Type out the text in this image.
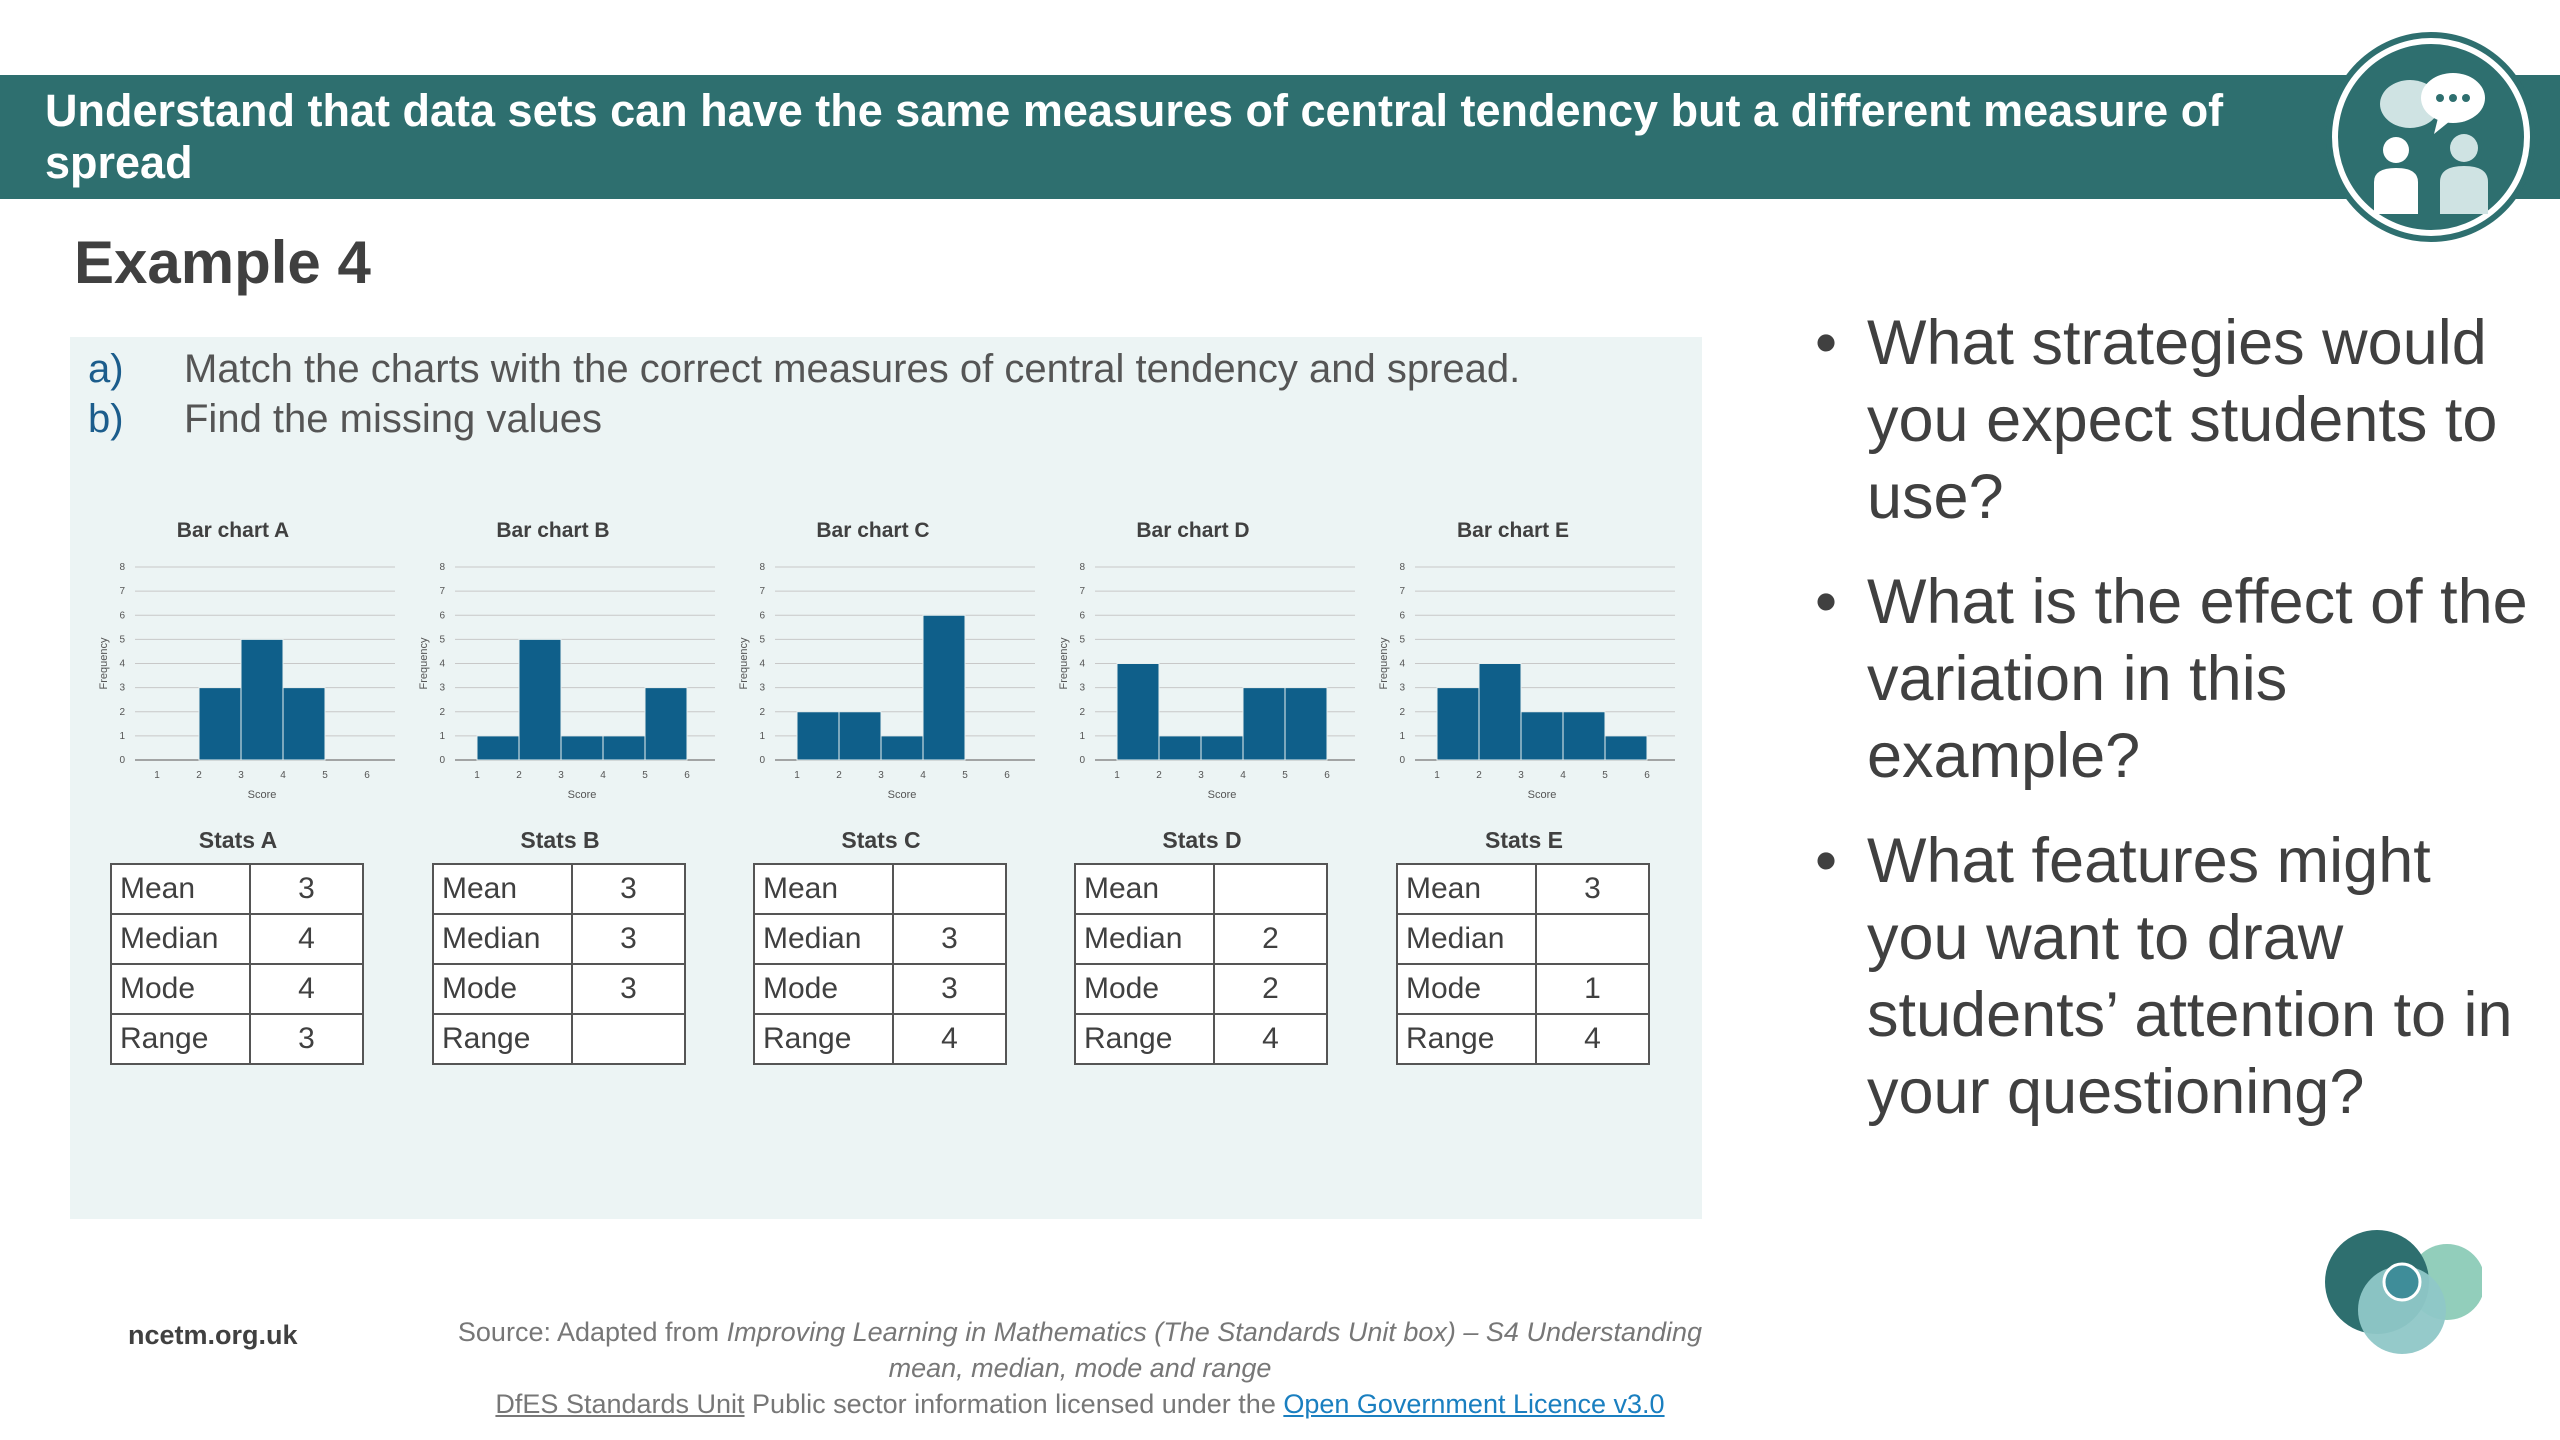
Understand that data sets can have the same measures of central tendency but a different measure of spread
Example 4
a) Match the charts with the correct measures of central tendency and spread.
b) Find the missing values
Bar chart A
0
1
2
3
4
5
6
7
8
Frequency
1	2	3	4	5	6
Score
Bar chart B
0
1
2
3
4
5
6
7
8
Frequency
1	2	3	4	5	6
Score
Bar chart C
0
1
2
3
4
5
6
7
8
Frequency
1	2	3	4	5	6
Score
Bar chart D
0
1
2
3
4
5
6
7
8
Frequency
1	2	3	4	5	6
Score
Bar chart E
0
1
2
3
4
5
6
7
8
Frequency
1	2	3	4	5	6
Score
Stats A
Mean	3
Median	4
Mode	4
Range	3
Stats B
Mean	3
Median	3
Mode	3
Range	
Stats C
Mean	
Median	3
Mode	3
Range	4
Stats D
Mean	
Median	2
Mode	2
Range	4
Stats E
Mean	3
Median	
Mode	1
Range	4
• What strategies would you expect students to use?
• What is the effect of the variation in this example?
• What features might you want to draw students’ attention to in your questioning?
ncetm.org.uk	Source: Adapted from Improving Learning in Mathematics (The Standards Unit box) – S4 Understanding mean, median, mode and range
DfES Standards Unit Public sector information licensed under the Open Government Licence v3.0
